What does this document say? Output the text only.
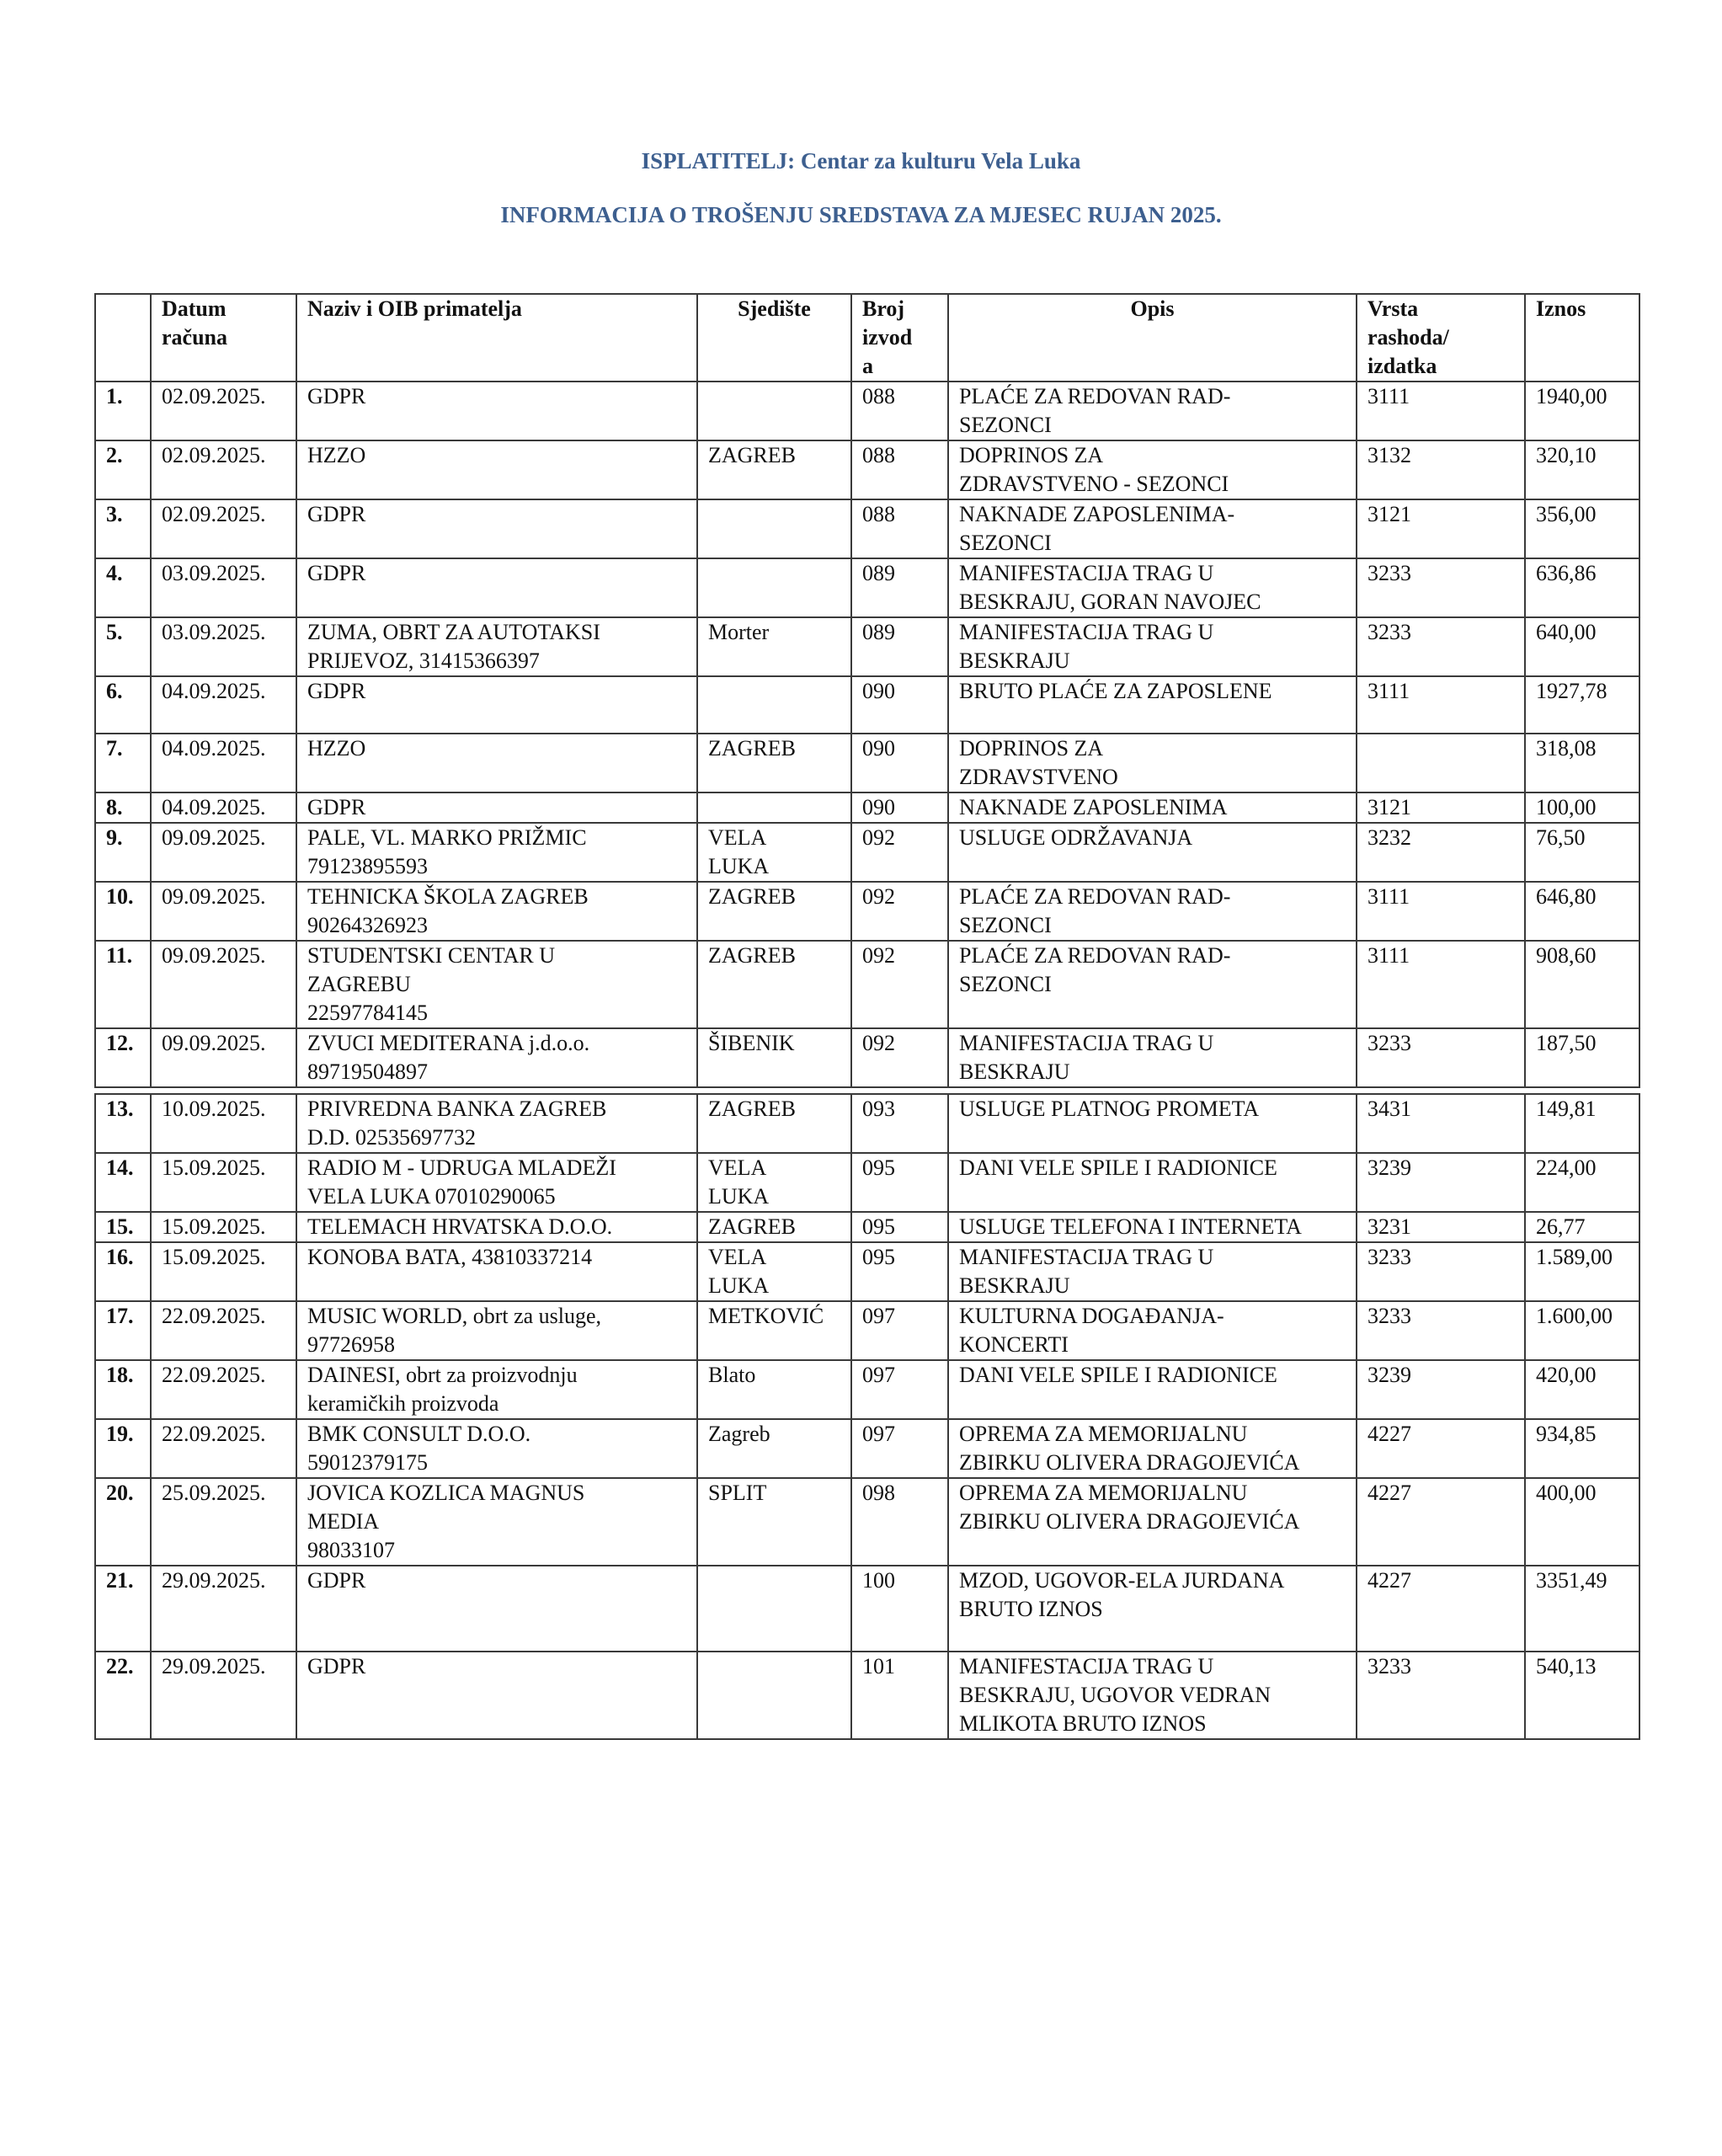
ISPLATITELJ: Centar za kulturu Vela Luka
INFORMACIJA O TROŠENJU SREDSTAVA ZA MJESEC RUJAN 2025.

	Datum
računa	Naziv i OIB primatelja	Sjedište	Broj
izvod
a	Opis	Vrsta
rashoda/
izdatka	Iznos
1.	02.09.2025.	GDPR		088	PLAĆE ZA REDOVAN RAD-
SEZONCI	3111	1940,00
2.	02.09.2025.	HZZO	ZAGREB	088	DOPRINOS ZA
ZDRAVSTVENO - SEZONCI	3132	320,10
3.	02.09.2025.	GDPR		088	NAKNADE ZAPOSLENIMA-
SEZONCI	3121	356,00
4.	03.09.2025.	GDPR		089	MANIFESTACIJA TRAG U
BESKRAJU, GORAN NAVOJEC	3233	636,86
5.	03.09.2025.	ZUMA, OBRT ZA AUTOTAKSI
PRIJEVOZ, 31415366397	Morter	089	MANIFESTACIJA TRAG U
BESKRAJU	3233	640,00
6.	04.09.2025.	GDPR		090	BRUTO PLAĆE ZA ZAPOSLENE	3111	1927,78
7.	04.09.2025.	HZZO	ZAGREB	090	DOPRINOS ZA
ZDRAVSTVENO		318,08
8.	04.09.2025.	GDPR		090	NAKNADE ZAPOSLENIMA	3121	100,00
9.	09.09.2025.	PALE, VL. MARKO PRIŽMIC
79123895593	VELA
LUKA	092	USLUGE ODRŽAVANJA	3232	76,50
10.	09.09.2025.	TEHNICKA ŠKOLA ZAGREB
90264326923	ZAGREB	092	PLAĆE ZA REDOVAN RAD-
SEZONCI	3111	646,80
11.	09.09.2025.	STUDENTSKI CENTAR U
ZAGREBU
22597784145	ZAGREB	092	PLAĆE ZA REDOVAN RAD-
SEZONCI	3111	908,60
12.	09.09.2025.	ZVUCI MEDITERANA j.d.o.o.
89719504897	ŠIBENIK	092	MANIFESTACIJA TRAG U
BESKRAJU	3233	187,50
13.	10.09.2025.	PRIVREDNA BANKA ZAGREB
D.D. 02535697732	ZAGREB	093	USLUGE PLATNOG PROMETA	3431	149,81
14.	15.09.2025.	RADIO M - UDRUGA MLADEŽI
VELA LUKA 07010290065	VELA
LUKA	095	DANI VELE SPILE I RADIONICE	3239	224,00
15.	15.09.2025.	TELEMACH HRVATSKA D.O.O.	ZAGREB	095	USLUGE TELEFONA I INTERNETA	3231	26,77
16.	15.09.2025.	KONOBA BATA, 43810337214	VELA
LUKA	095	MANIFESTACIJA TRAG U
BESKRAJU	3233	1.589,00
17.	22.09.2025.	MUSIC WORLD, obrt za usluge,
97726958	METKOVIĆ	097	KULTURNA DOGAĐANJA-
KONCERTI	3233	1.600,00
18.	22.09.2025.	DAINESI, obrt za proizvodnju
keramičkih proizvoda	Blato	097	DANI VELE SPILE I RADIONICE	3239	420,00
19.	22.09.2025.	BMK CONSULT D.O.O.
59012379175	Zagreb	097	OPREMA ZA MEMORIJALNU
ZBIRKU OLIVERA DRAGOJEVIĆA	4227	934,85
20.	25.09.2025.	JOVICA KOZLICA MAGNUS
MEDIA
98033107	SPLIT	098	OPREMA ZA MEMORIJALNU
ZBIRKU OLIVERA DRAGOJEVIĆA	4227	400,00
21.	29.09.2025.	GDPR		100	MZOD, UGOVOR-ELA JURDANA
BRUTO IZNOS	4227	3351,49
22.	29.09.2025.	GDPR		101	MANIFESTACIJA TRAG U
BESKRAJU, UGOVOR VEDRAN
MLIKOTA BRUTO IZNOS	3233	540,13
